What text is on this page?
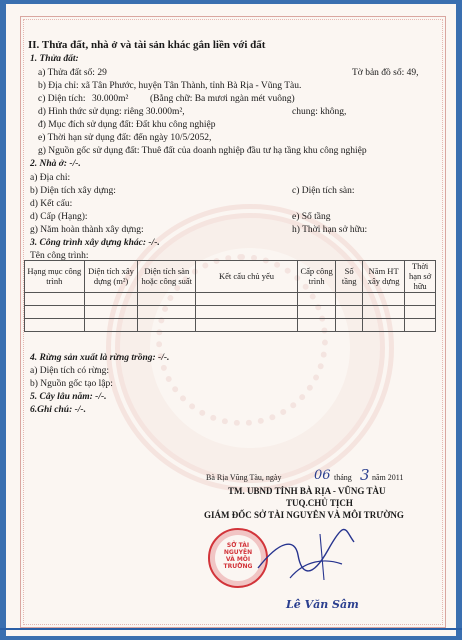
II. Thửa đất, nhà ở và tài sản khác gắn liền với đất
1. Thửa đất:
a) Thửa đất số: 29	Tờ bản đồ số: 49,
b) Địa chỉ: xã Tân Phước, huyện Tân Thành, tỉnh Bà Rịa - Vũng Tàu.
c) Diện tích: 30.000m² (Bằng chữ: Ba mươi ngàn mét vuông)
d) Hình thức sử dụng: riêng 30.000m²,	chung: không,
đ) Mục đích sử dụng đất: Đất khu công nghiệp
e) Thời hạn sử dụng đất: đến ngày 10/5/2052,
g) Nguồn gốc sử dụng đất: Thuê đất của doanh nghiệp đầu tư hạ tầng khu công nghiệp
2. Nhà ở: -/-.
a) Địa chỉ:
b) Diện tích xây dựng:	c) Diện tích sàn:
d) Kết cấu:
d) Cấp (Hạng):	e) Số tầng
g) Năm hoàn thành xây dựng:	h) Thời hạn sở hữu:
3. Công trình xây dựng khác: -/-.
Tên công trình:
Hạng mục công trình	Diện tích xây dựng (m²)	Diện tích sàn hoặc công suất	Kết cấu chủ yếu	Cấp công trình	Số tầng	Năm HT xây dựng	Thời hạn sở hữu

4. Rừng sản xuất là rừng trồng: -/-.
a) Diện tích có rừng:
b) Nguồn gốc tạo lập:
5. Cây lâu năm: -/-.
6.Ghi chú: -/-.
Bà Rịa Vũng Tàu, ngày	06 tháng 3 năm 2011
TM. UBND TỈNH BÀ RỊA - VŨNG TÀU
TUQ.CHỦ TỊCH
GIÁM ĐỐC SỞ TÀI NGUYÊN VÀ MÔI TRƯỜNG
SỞ TÀI NGUYÊN VÀ MÔI TRƯỜNG
Lê Văn Sâm
